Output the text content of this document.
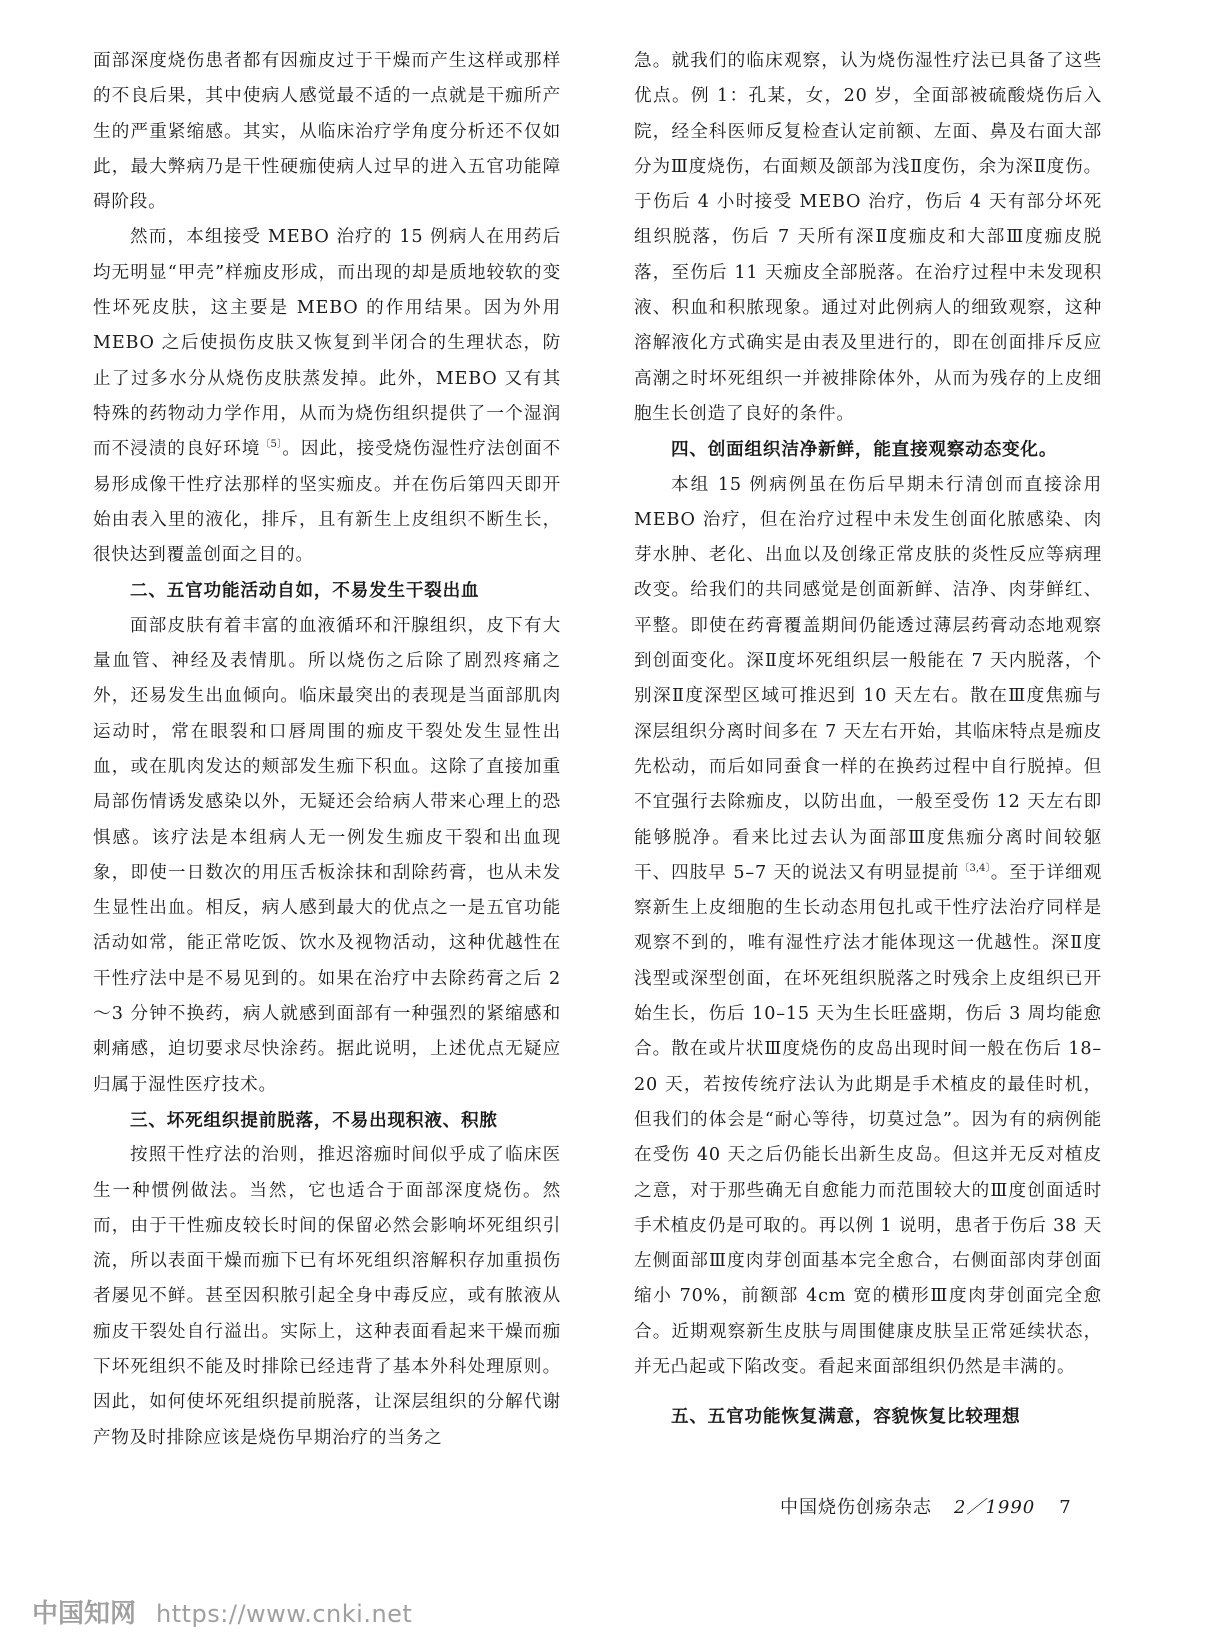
面部深度烧伤患者都有因痂皮过于干燥而产生这样或那样的不良后果，其中使病人感觉最不适的一点就是干痂所产生的严重紧缩感。其实，从临床治疗学角度分析还不仅如此，最大弊病乃是干性硬痂使病人过早的进入五官功能障碍阶段。

然而，本组接受 MEBO 治疗的 15 例病人在用药后均无明显“甲壳”样痂皮形成，而出现的却是质地较软的变性坏死皮肤，这主要是 MEBO 的作用结果。因为外用 MEBO 之后使损伤皮肤又恢复到半闭合的生理状态，防止了过多水分从烧伤皮肤蒸发掉。此外，MEBO 又有其特殊的药物动力学作用，从而为烧伤组织提供了一个湿润而不浸渍的良好环境$^{〔5〕}$。因此，接受烧伤湿性疗法创面不易形成像干性疗法那样的坚实痂皮。并在伤后第四天即开始由表入里的液化，排斥，且有新生上皮组织不断生长，很快达到覆盖创面之目的。

二、五官功能活动自如，不易发生干裂出血

面部皮肤有着丰富的血液循环和汗腺组织，皮下有大量血管、神经及表情肌。所以烧伤之后除了剧烈疼痛之外，还易发生出血倾向。临床最突出的表现是当面部肌肉运动时，常在眼裂和口唇周围的痂皮干裂处发生显性出血，或在肌肉发达的颊部发生痂下积血。这除了直接加重局部伤情诱发感染以外，无疑还会给病人带来心理上的恐惧感。该疗法是本组病人无一例发生痂皮干裂和出血现象，即使一日数次的用压舌板涂抹和刮除药膏，也从未发生显性出血。相反，病人感到最大的优点之一是五官功能活动如常，能正常吃饭、饮水及视物活动，这种优越性在干性疗法中是不易见到的。如果在治疗中去除药膏之后 2～3 分钟不换药，病人就感到面部有一种强烈的紧缩感和刺痛感，迫切要求尽快涂药。据此说明，上述优点无疑应归属于湿性医疗技术。

三、坏死组织提前脱落，不易出现积液、积脓

按照干性疗法的治则，推迟溶痂时间似乎成了临床医生一种惯例做法。当然，它也适合于面部深度烧伤。然而，由于干性痂皮较长时间的保留必然会影响坏死组织引流，所以表面干燥而痂下已有坏死组织溶解积存加重损伤者屡见不鲜。甚至因积脓引起全身中毒反应，或有脓液从痂皮干裂处自行溢出。实际上，这种表面看起来干燥而痂下坏死组织不能及时排除已经违背了基本外科处理原则。因此，如何使坏死组织提前脱落，让深层组织的分解代谢产物及时排除应该是烧伤早期治疗的当务之

急。就我们的临床观察，认为烧伤湿性疗法已具备了这些优点。例 1：孔某，女，20 岁，全面部被硫酸烧伤后入院，经全科医师反复检查认定前额、左面、鼻及右面大部分为Ⅲ度烧伤，右面颊及颌部为浅Ⅱ度伤，余为深Ⅱ度伤。于伤后 4 小时接受 MEBO 治疗，伤后 4 天有部分坏死组织脱落，伤后 7 天所有深Ⅱ度痂皮和大部Ⅲ度痂皮脱落，至伤后 11 天痂皮全部脱落。在治疗过程中未发现积液、积血和积脓现象。通过对此例病人的细致观察，这种溶解液化方式确实是由表及里进行的，即在创面排斥反应高潮之时坏死组织一并被排除体外，从而为残存的上皮细胞生长创造了良好的条件。

四、创面组织洁净新鲜，能直接观察动态变化。

本组 15 例病例虽在伤后早期未行清创而直接涂用 MEBO 治疗，但在治疗过程中未发生创面化脓感染、肉芽水肿、老化、出血以及创缘正常皮肤的炎性反应等病理改变。给我们的共同感觉是创面新鲜、洁净、肉芽鲜红、平整。即使在药膏覆盖期间仍能透过薄层药膏动态地观察到创面变化。深Ⅱ度坏死组织层一般能在 7 天内脱落，个别深Ⅱ度深型区域可推迟到 10 天左右。散在Ⅲ度焦痂与深层组织分离时间多在 7 天左右开始，其临床特点是痂皮先松动，而后如同蚕食一样的在换药过程中自行脱掉。但不宜强行去除痂皮，以防出血，一般至受伤 12 天左右即能够脱净。看来比过去认为面部Ⅲ度焦痂分离时间较躯干、四肢早 5–7 天的说法又有明显提前$^{〔3,4〕}$。至于详细观察新生上皮细胞的生长动态用包扎或干性疗法治疗同样是观察不到的，唯有湿性疗法才能体现这一优越性。深Ⅱ度浅型或深型创面，在坏死组织脱落之时残余上皮组织已开始生长，伤后 10–15 天为生长旺盛期，伤后 3 周均能愈合。散在或片状Ⅲ度烧伤的皮岛出现时间一般在伤后 18–20 天，若按传统疗法认为此期是手术植皮的最佳时机，但我们的体会是“耐心等待，切莫过急”。因为有的病例能在受伤 40 天之后仍能长出新生皮岛。但这并无反对植皮之意，对于那些确无自愈能力而范围较大的Ⅲ度创面适时手术植皮仍是可取的。再以例 1 说明，患者于伤后 38 天左侧面部Ⅲ度肉芽创面基本完全愈合，右侧面部肉芽创面缩小 70%，前额部 4cm 宽的横形Ⅲ度肉芽创面完全愈合。近期观察新生皮肤与周围健康皮肤呈正常延续状态，并无凸起或下陷改变。看起来面部组织仍然是丰满的。

五、五官功能恢复满意，容貌恢复比较理想
中国烧伤创疡杂志 2／1990 7
中国知网 https://www.cnki.net
